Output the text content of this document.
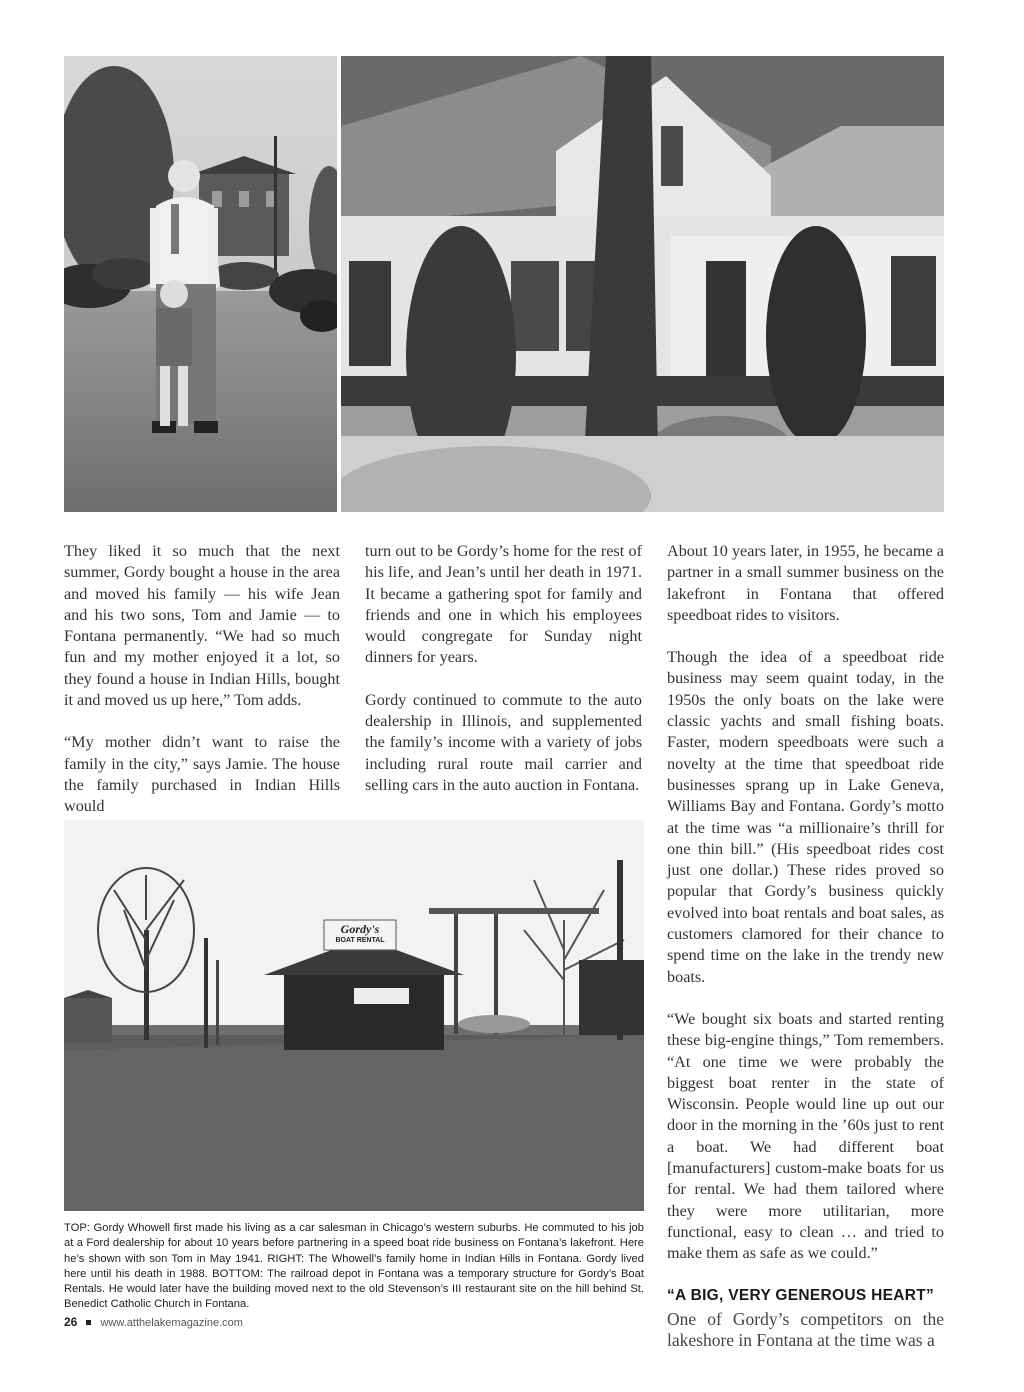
They liked it so much that the next summer, Gordy bought a house in the area and moved his family — his wife Jean and his two sons, Tom and Jamie — to Fontana permanently. “We had so much fun and my mother enjoyed it a lot, so they found a house in Indian Hills, bought it and moved us up here,” Tom adds.

“My mother didn’t want to raise the family in the city,” says Jamie. The house the family purchased in Indian Hills would

turn out to be Gordy’s home for the rest of his life, and Jean’s until her death in 1971. It became a gathering spot for family and friends and one in which his employees would congregate for Sunday night dinners for years.

Gordy continued to commute to the auto dealership in Illinois, and supplemented the family’s income with a variety of jobs including rural route mail carrier and selling cars in the auto auction in Fontana.

About 10 years later, in 1955, he became a partner in a small summer business on the lakefront in Fontana that offered speedboat rides to visitors.

Though the idea of a speedboat ride business may seem quaint today, in the 1950s the only boats on the lake were classic yachts and small fishing boats. Faster, modern speedboats were such a novelty at the time that speedboat ride businesses sprang up in Lake Geneva, Williams Bay and Fontana. Gordy’s motto at the time was “a millionaire’s thrill for one thin bill.” (His speedboat rides cost just one dollar.) These rides proved so popular that Gordy’s business quickly evolved into boat rentals and boat sales, as customers clamored for their chance to spend time on the lake in the trendy new boats.

“We bought six boats and started renting these big-engine things,” Tom remembers. “At one time we were probably the biggest boat renter in the state of Wisconsin. People would line up out our door in the morning in the ’60s just to rent a boat. We had different boat [manufacturers] custom-make boats for us for rental. We had them tailored where they were more utilitarian, more functional, easy to clean … and tried to make them as safe as we could.”

“A BIG, VERY GENEROUS HEART”
One of Gordy’s competitors on the lakeshore in Fontana at the time was a
Gordy's
BOAT RENTAL
TOP: Gordy Whowell first made his living as a car salesman in Chicago’s western suburbs. He commuted to his job at a Ford dealership for about 10 years before partnering in a speed boat ride business on Fontana’s lakefront. Here he’s shown with son Tom in May 1941. RIGHT: The Whowell’s family home in Indian Hills in Fontana. Gordy lived here until his death in 1988. BOTTOM: The railroad depot in Fontana was a temporary structure for Gordy’s Boat Rentals. He would later have the building moved next to the old Stevenson’s III restaurant site on the hill behind St. Benedict Catholic Church in Fontana.
26 www.atthelakemagazine.com
